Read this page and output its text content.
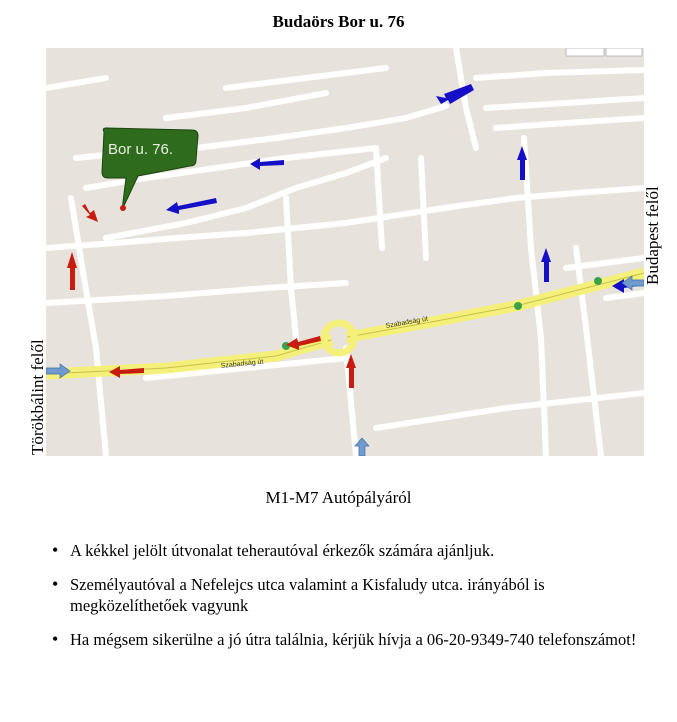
Budaörs Bor u. 76
Szabadság út
Szabadság út
Bor u. 76.
Törökbálint felől
Budapest felől
M1-M7 Autópályáról
• A kékkel jelölt útvonalat teherautóval érkezők számára ajánljuk.
• Személyautóval a Nefelejcs utca valamint a Kisfaludy utca. irányából is megközelíthetőek vagyunk
• Ha mégsem sikerülne a jó útra találnia, kérjük hívja a 06-20-9349-740 telefonszámot!
